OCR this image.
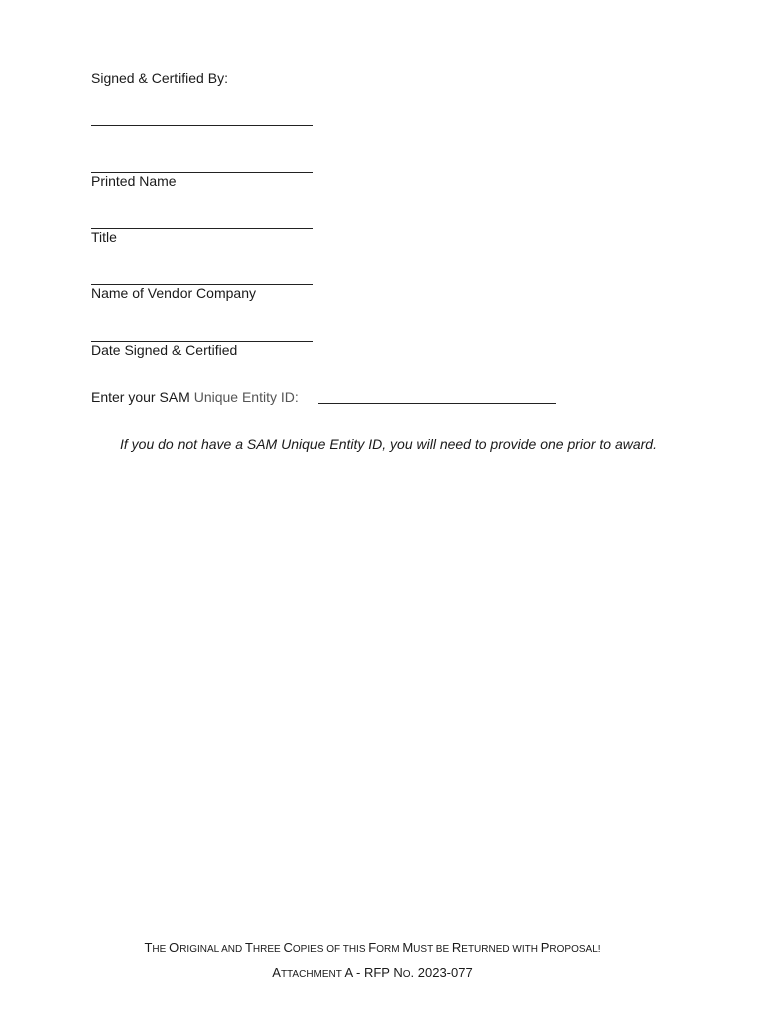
Signed & Certified By:

Printed Name

Title

Name of Vendor Company

Date Signed & Certified

Enter your SAM Unique Entity ID:

If you do not have a SAM Unique Entity ID, you will need to provide one prior to award.

THE ORIGINAL AND THREE COPIES OF THIS FORM MUST BE RETURNED WITH PROPOSAL!
ATTACHMENT A - RFP NO. 2023-077
